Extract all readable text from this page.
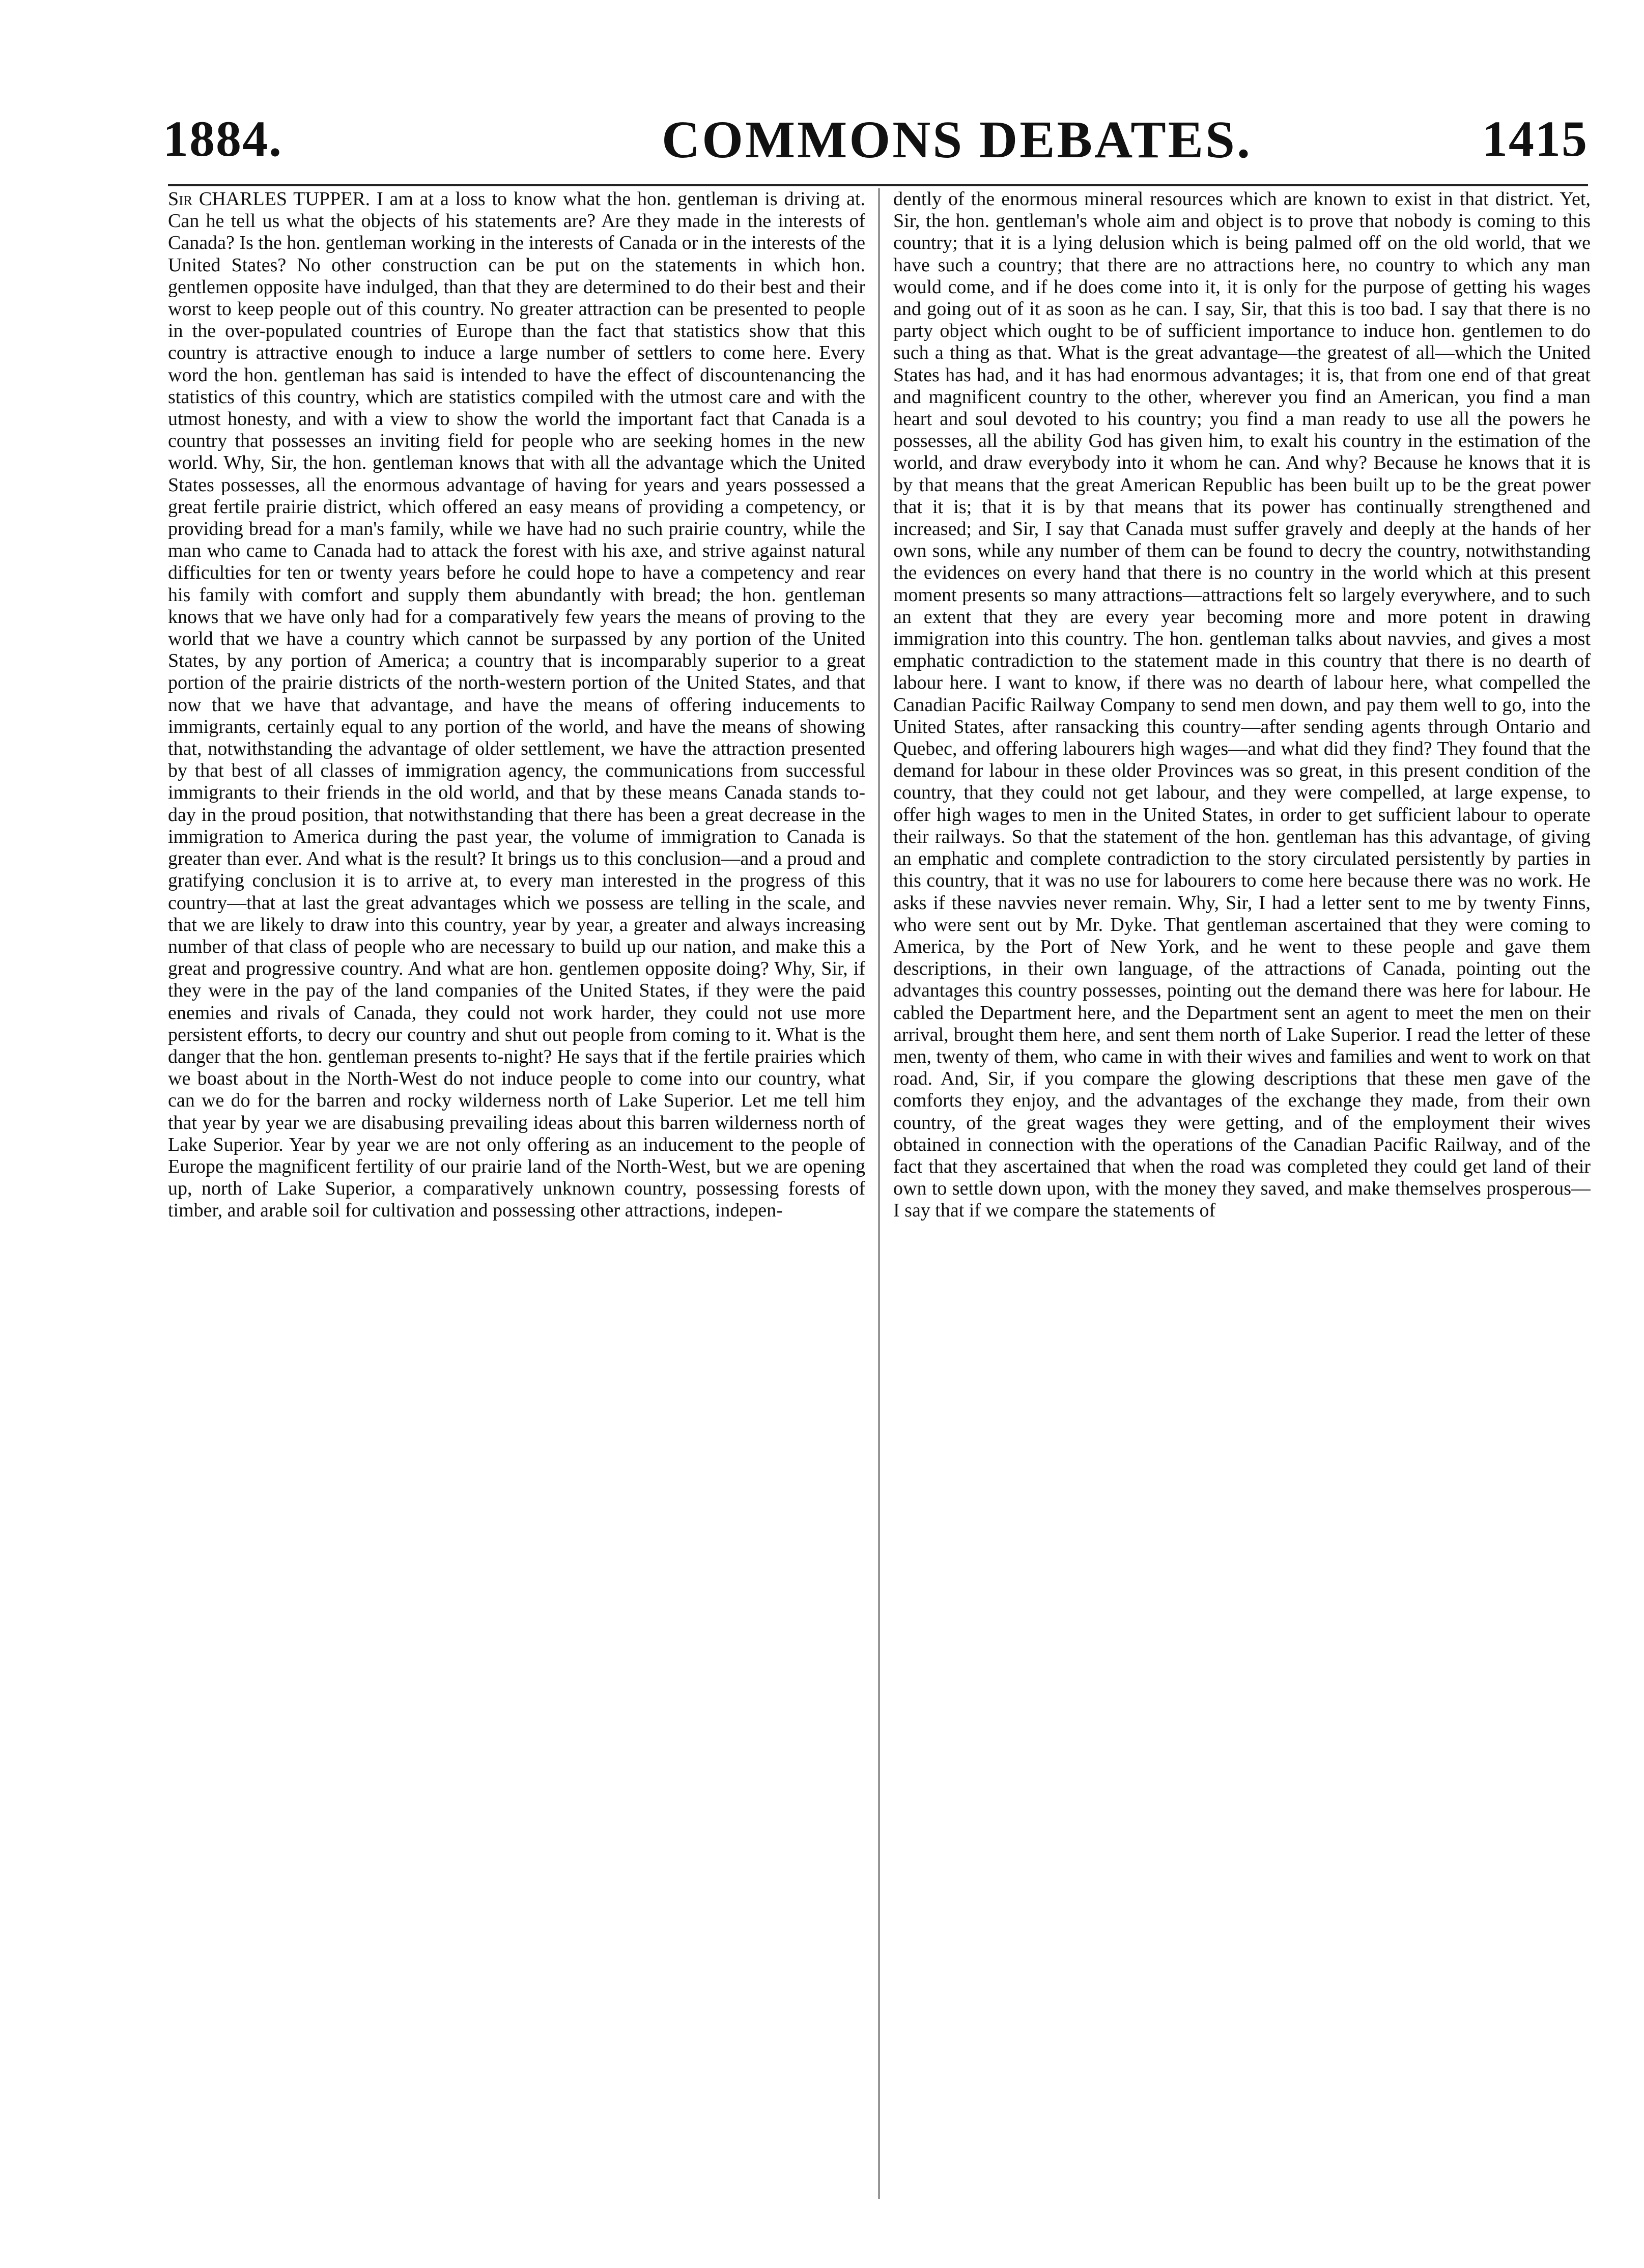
1884.	COMMONS DEBATES.	1415

Sir CHARLES TUPPER. I am at a loss to know what the hon. gentleman is driving at. Can he tell us what the objects of his statements are? Are they made in the interests of Canada? Is the hon. gentleman working in the interests of Canada or in the interests of the United States? No other construction can be put on the statements in which hon. gentlemen opposite have indulged, than that they are determined to do their best and their worst to keep people out of this country. No greater attraction can be presented to people in the over-populated countries of Europe than the fact that statistics show that this country is attractive enough to induce a large number of settlers to come here. Every word the hon. gentleman has said is intended to have the effect of discountenancing the statistics of this country, which are statistics compiled with the utmost care and with the utmost honesty, and with a view to show the world the important fact that Canada is a country that possesses an inviting field for people who are seeking homes in the new world. Why, Sir, the hon. gentleman knows that with all the advantage which the United States possesses, all the enormous advantage of having for years and years possessed a great fertile prairie district, which offered an easy means of providing a competency, or providing bread for a man's family, while we have had no such prairie country, while the man who came to Canada had to attack the forest with his axe, and strive against natural difficulties for ten or twenty years before he could hope to have a competency and rear his family with comfort and supply them abundantly with bread; the hon. gentleman knows that we have only had for a comparatively few years the means of proving to the world that we have a country which cannot be surpassed by any portion of the United States, by any portion of America; a country that is incomparably superior to a great portion of the prairie districts of the north-western portion of the United States, and that now that we have that advantage, and have the means of offering inducements to immigrants, certainly equal to any portion of the world, and have the means of showing that, notwithstanding the advantage of older settlement, we have the attraction presented by that best of all classes of immigration agency, the communications from successful immigrants to their friends in the old world, and that by these means Canada stands to-day in the proud position, that notwithstanding that there has been a great decrease in the immigration to America during the past year, the volume of immigration to Canada is greater than ever. And what is the result? It brings us to this conclusion—and a proud and gratifying conclusion it is to arrive at, to every man interested in the progress of this country—that at last the great advantages which we possess are telling in the scale, and that we are likely to draw into this country, year by year, a greater and always increasing number of that class of people who are necessary to build up our nation, and make this a great and progressive country. And what are hon. gentlemen opposite doing? Why, Sir, if they were in the pay of the land companies of the United States, if they were the paid enemies and rivals of Canada, they could not work harder, they could not use more persistent efforts, to decry our country and shut out people from coming to it. What is the danger that the hon. gentleman presents to-night? He says that if the fertile prairies which we boast about in the North-West do not induce people to come into our country, what can we do for the barren and rocky wilderness north of Lake Superior. Let me tell him that year by year we are disabusing prevailing ideas about this barren wilderness north of Lake Superior. Year by year we are not only offering as an inducement to the people of Europe the magnificent fertility of our prairie land of the North-West, but we are opening up, north of Lake Superior, a comparatively unknown country, possessing forests of timber, and arable soil for cultivation and possessing other attractions, indepen-

dently of the enormous mineral resources which are known to exist in that district. Yet, Sir, the hon. gentleman's whole aim and object is to prove that nobody is coming to this country; that it is a lying delusion which is being palmed off on the old world, that we have such a country; that there are no attractions here, no country to which any man would come, and if he does come into it, it is only for the purpose of getting his wages and going out of it as soon as he can. I say, Sir, that this is too bad. I say that there is no party object which ought to be of sufficient importance to induce hon. gentlemen to do such a thing as that. What is the great advantage—the greatest of all—which the United States has had, and it has had enormous advantages; it is, that from one end of that great and magnificent country to the other, wherever you find an American, you find a man heart and soul devoted to his country; you find a man ready to use all the powers he possesses, all the ability God has given him, to exalt his country in the estimation of the world, and draw everybody into it whom he can. And why? Because he knows that it is by that means that the great American Republic has been built up to be the great power that it is; that it is by that means that its power has continually strengthened and increased; and Sir, I say that Canada must suffer gravely and deeply at the hands of her own sons, while any number of them can be found to decry the country, notwithstanding the evidences on every hand that there is no country in the world which at this present moment presents so many attractions—attractions felt so largely everywhere, and to such an extent that they are every year becoming more and more potent in drawing immigration into this country. The hon. gentleman talks about navvies, and gives a most emphatic contradiction to the statement made in this country that there is no dearth of labour here. I want to know, if there was no dearth of labour here, what compelled the Canadian Pacific Railway Company to send men down, and pay them well to go, into the United States, after ransacking this country—after sending agents through Ontario and Quebec, and offering labourers high wages—and what did they find? They found that the demand for labour in these older Provinces was so great, in this present condition of the country, that they could not get labour, and they were compelled, at large expense, to offer high wages to men in the United States, in order to get sufficient labour to operate their railways. So that the statement of the hon. gentleman has this advantage, of giving an emphatic and complete contradiction to the story circulated persistently by parties in this country, that it was no use for labourers to come here because there was no work. He asks if these navvies never remain. Why, Sir, I had a letter sent to me by twenty Finns, who were sent out by Mr. Dyke. That gentleman ascertained that they were coming to America, by the Port of New York, and he went to these people and gave them descriptions, in their own language, of the attractions of Canada, pointing out the advantages this country possesses, pointing out the demand there was here for labour. He cabled the Department here, and the Department sent an agent to meet the men on their arrival, brought them here, and sent them north of Lake Superior. I read the letter of these men, twenty of them, who came in with their wives and families and went to work on that road. And, Sir, if you compare the glowing descriptions that these men gave of the comforts they enjoy, and the advantages of the exchange they made, from their own country, of the great wages they were getting, and of the employment their wives obtained in connection with the operations of the Canadian Pacific Railway, and of the fact that they ascertained that when the road was completed they could get land of their own to settle down upon, with the money they saved, and make themselves prosperous—I say that if we compare the statements of
